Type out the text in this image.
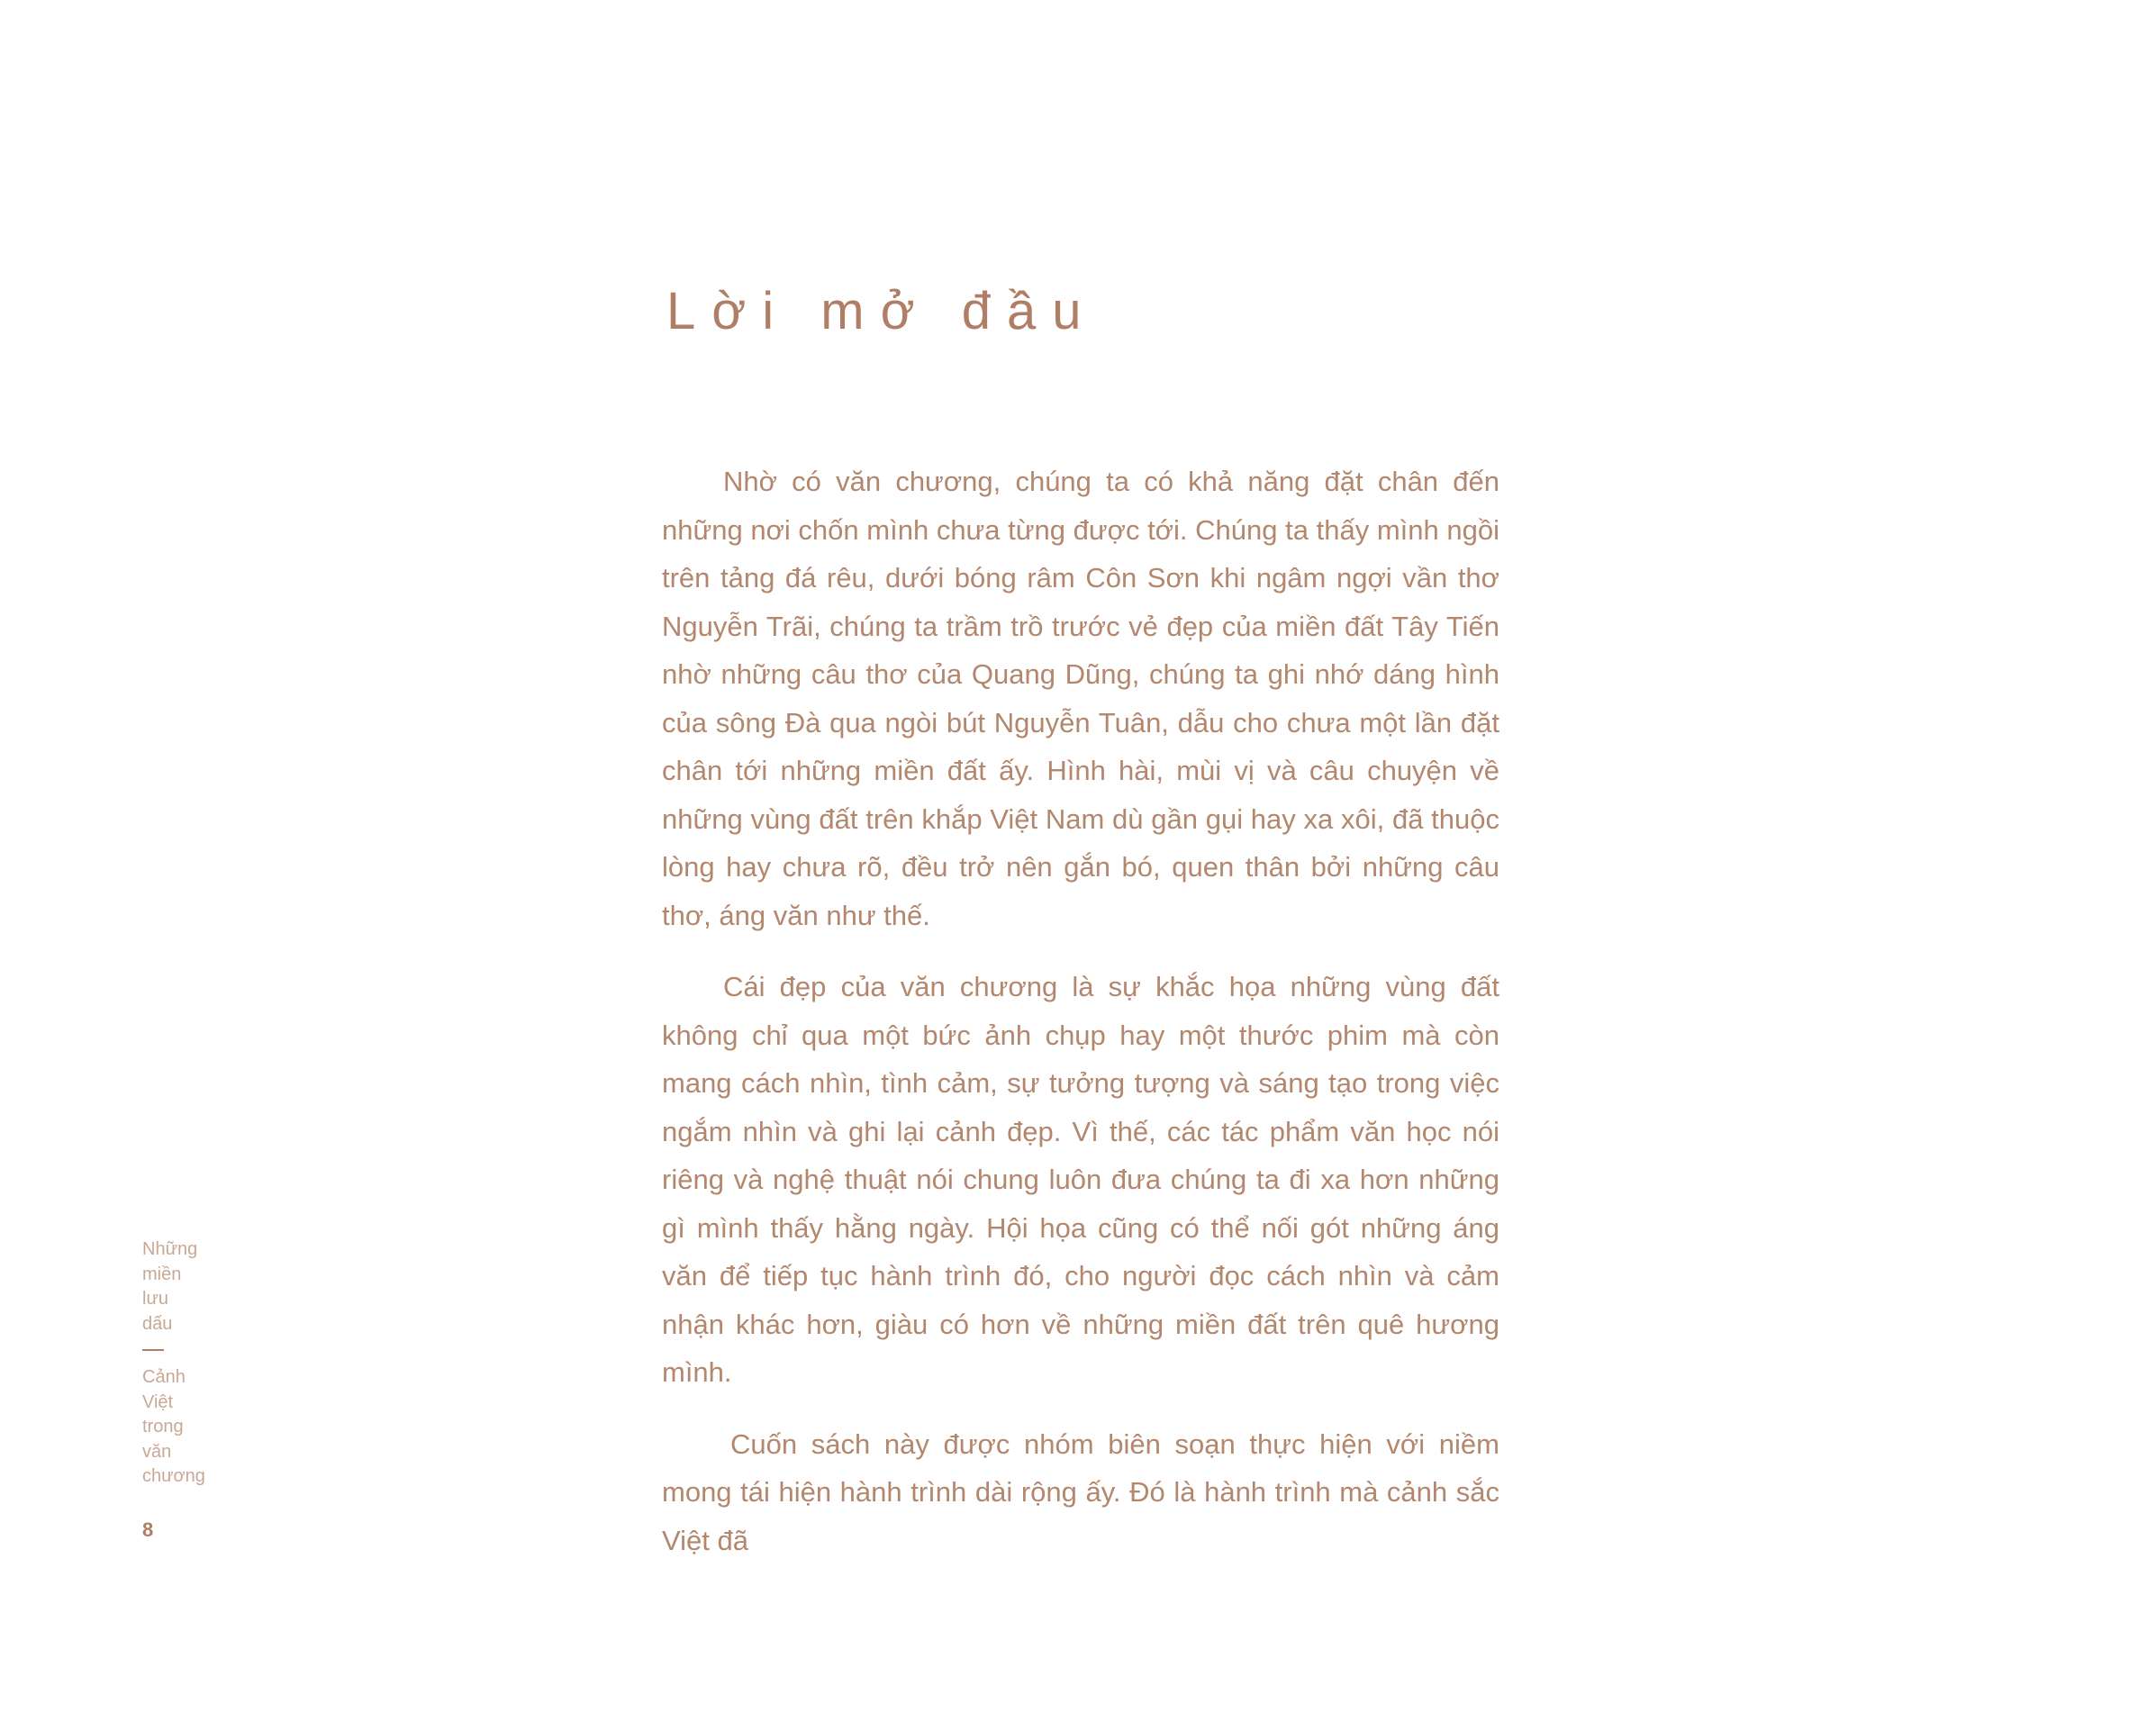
Lời mở đầu

Nhờ có văn chương, chúng ta có khả năng đặt chân đến những nơi chốn mình chưa từng được tới. Chúng ta thấy mình ngồi trên tảng đá rêu, dưới bóng râm Côn Sơn khi ngâm ngợi vần thơ Nguyễn Trãi, chúng ta trầm trồ trước vẻ đẹp của miền đất Tây Tiến nhờ những câu thơ của Quang Dũng, chúng ta ghi nhớ dáng hình của sông Đà qua ngòi bút Nguyễn Tuân, dẫu cho chưa một lần đặt chân tới những miền đất ấy. Hình hài, mùi vị và câu chuyện về những vùng đất trên khắp Việt Nam dù gần gụi hay xa xôi, đã thuộc lòng hay chưa rõ, đều trở nên gắn bó, quen thân bởi những câu thơ, áng văn như thế.

Cái đẹp của văn chương là sự khắc họa những vùng đất không chỉ qua một bức ảnh chụp hay một thước phim mà còn mang cách nhìn, tình cảm, sự tưởng tượng và sáng tạo trong việc ngắm nhìn và ghi lại cảnh đẹp. Vì thế, các tác phẩm văn học nói riêng và nghệ thuật nói chung luôn đưa chúng ta đi xa hơn những gì mình thấy hằng ngày. Hội họa cũng có thể nối gót những áng văn để tiếp tục hành trình đó, cho người đọc cách nhìn và cảm nhận khác hơn, giàu có hơn về những miền đất trên quê hương mình.

Cuốn sách này được nhóm biên soạn thực hiện với niềm mong tái hiện hành trình dài rộng ấy. Đó là hành trình mà cảnh sắc Việt đã

Những
miền
lưu
dấu
Cảnh
Việt
trong
văn
chương
8
